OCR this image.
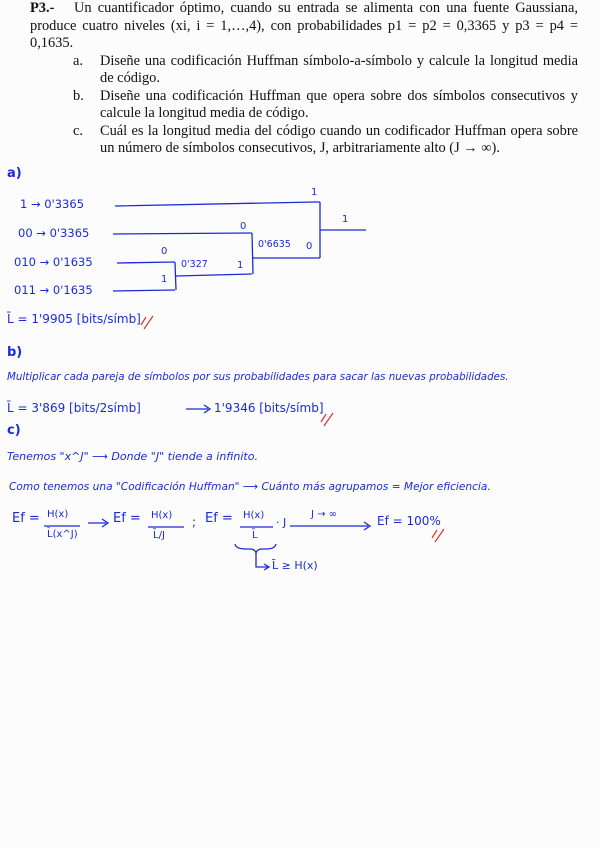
P3.- Un cuantificador óptimo, cuando su entrada se alimenta con una fuente Gaussiana, produce cuatro niveles (xi, i = 1,…,4), con probabilidades p1 = p2 = 0,3365 y p3 = p4 = 0,1635.
a. Diseñe una codificación Huffman símbolo-a-símbolo y calcule la longitud media de código.
b. Diseñe una codificación Huffman que opera sobre dos símbolos consecutivos y calcule la longitud media de código.
c. Cuál es la longitud media del código cuando un codificador Huffman opera sobre un número de símbolos consecutivos, J, arbitrariamente alto (J → ∞).
a)
1 → 0'3365
00 → 0'3365
010 → 0'1635
011 → 0'1635
0'327
0'6635
1
1
0
0
0
1
1
L̄ = 1'9905 [bits/símb]
b)
Multiplicar cada pareja de símbolos por sus probabilidades para sacar las nuevas probabilidades.
L̄ = 3'869 [bits/2símb]	1'9346 [bits/símb]
c)
Tenemos "x^J" ⟶ Donde "J" tiende a infinito.
Como tenemos una "Codificación Huffman" ⟶ Cuánto más agrupamos = Mejor eficiencia.
Ef = H(x)
L̄(x^J)
Ef = H(x)
L̄/J
; Ef = H(x)
L̄
· J
J → ∞	Ef = 100%
L̄ ≥ H(x)
